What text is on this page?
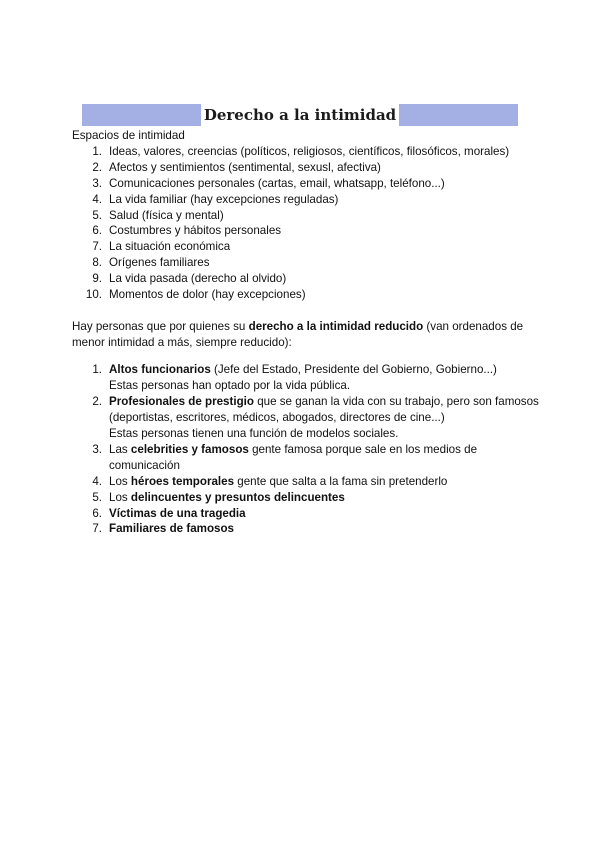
Derecho a la intimidad

Espacios de intimidad

1. Ideas, valores, creencias (políticos, religiosos, científicos, filosóficos, morales)
2. Afectos y sentimientos (sentimental, sexusl, afectiva)
3. Comunicaciones personales (cartas, email, whatsapp, teléfono...)
4. La vida familiar (hay excepciones reguladas)
5. Salud (física y mental)
6. Costumbres y hábitos personales
7. La situación económica
8. Orígenes familiares
9. La vida pasada (derecho al olvido)
10. Momentos de dolor (hay excepciones)

Hay personas que por quienes su derecho a la intimidad reducido (van ordenados de menor intimidad a más, siempre reducido):

1. Altos funcionarios (Jefe del Estado, Presidente del Gobierno, Gobierno...)
Estas personas han optado por la vida pública.
2. Profesionales de prestigio que se ganan la vida con su trabajo, pero son famosos (deportistas, escritores, médicos, abogados, directores de cine...)
Estas personas tienen una función de modelos sociales.
3. Las celebrities y famosos gente famosa porque sale en los medios de comunicación
4. Los héroes temporales gente que salta a la fama sin pretenderlo
5. Los delincuentes y presuntos delincuentes
6. Víctimas de una tragedia
7. Familiares de famosos
